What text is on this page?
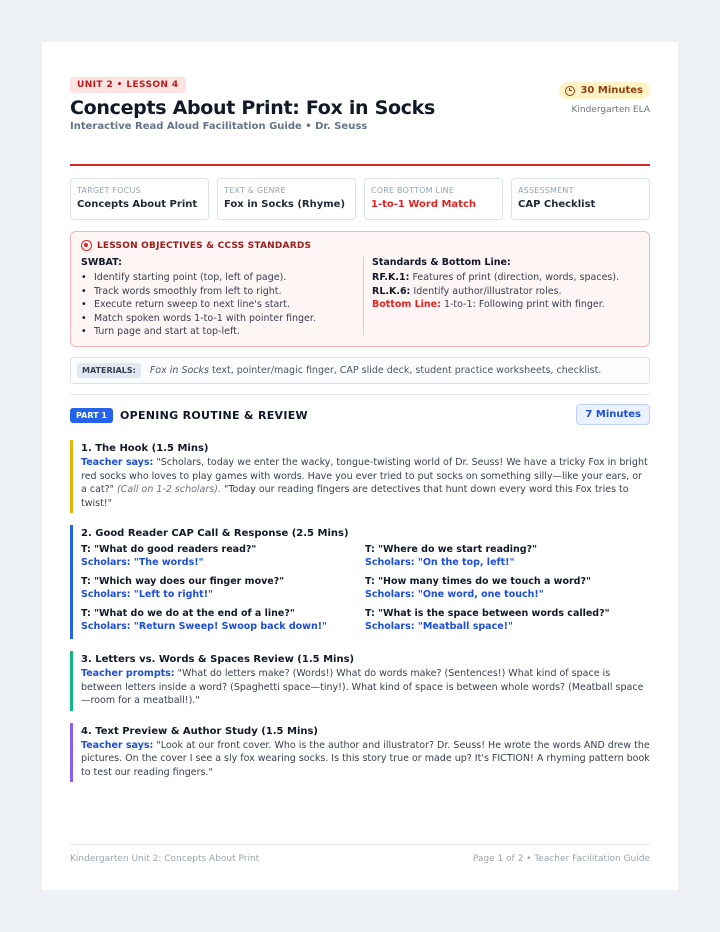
UNIT 2 • LESSON 4
Concepts About Print: Fox in Socks
Interactive Read Aloud Facilitation Guide • Dr. Seuss
30 Minutes
Kindergarten ELA
TARGET FOCUS
Concepts About Print
TEXT & GENRE
Fox in Socks (Rhyme)
CORE BOTTOM LINE
1-to-1 Word Match
ASSESSMENT
CAP Checklist
LESSON OBJECTIVES & CCSS STANDARDS
SWBAT:
• Identify starting point (top, left of page).
• Track words smoothly from left to right.
• Execute return sweep to next line's start.
• Match spoken words 1-to-1 with pointer finger.
• Turn page and start at top-left.
Standards & Bottom Line:
RF.K.1: Features of print (direction, words, spaces).
RL.K.6: Identify author/illustrator roles.
Bottom Line: 1-to-1: Following print with finger.
MATERIALS:	Fox in Socks text, pointer/magic finger, CAP slide deck, student practice worksheets, checklist.
PART 1	OPENING ROUTINE & REVIEW	7 Minutes
1. The Hook (1.5 Mins)
Teacher says: "Scholars, today we enter the wacky, tongue-twisting world of Dr. Seuss! We have a tricky Fox in bright red socks who loves to play games with words. Have you ever tried to put socks on something silly—like your ears, or a cat?" (Call on 1-2 scholars). "Today our reading fingers are detectives that hunt down every word this Fox tries to twist!"
2. Good Reader CAP Call & Response (2.5 Mins)
T: "What do good readers read?"
Scholars: "The words!"
T: "Where do we start reading?"
Scholars: "On the top, left!"
T: "Which way does our finger move?"
Scholars: "Left to right!"
T: "How many times do we touch a word?"
Scholars: "One word, one touch!"
T: "What do we do at the end of a line?"
Scholars: "Return Sweep! Swoop back down!"
T: "What is the space between words called?"
Scholars: "Meatball space!"
3. Letters vs. Words & Spaces Review (1.5 Mins)
Teacher prompts: "What do letters make? (Words!) What do words make? (Sentences!) What kind of space is between letters inside a word? (Spaghetti space—tiny!). What kind of space is between whole words? (Meatball space—room for a meatball!)."
4. Text Preview & Author Study (1.5 Mins)
Teacher says: "Look at our front cover. Who is the author and illustrator? Dr. Seuss! He wrote the words AND drew the pictures. On the cover I see a sly fox wearing socks. Is this story true or made up? It's FICTION! A rhyming pattern book to test our reading fingers."
Kindergarten Unit 2: Concepts About Print	Page 1 of 2 • Teacher Facilitation Guide
